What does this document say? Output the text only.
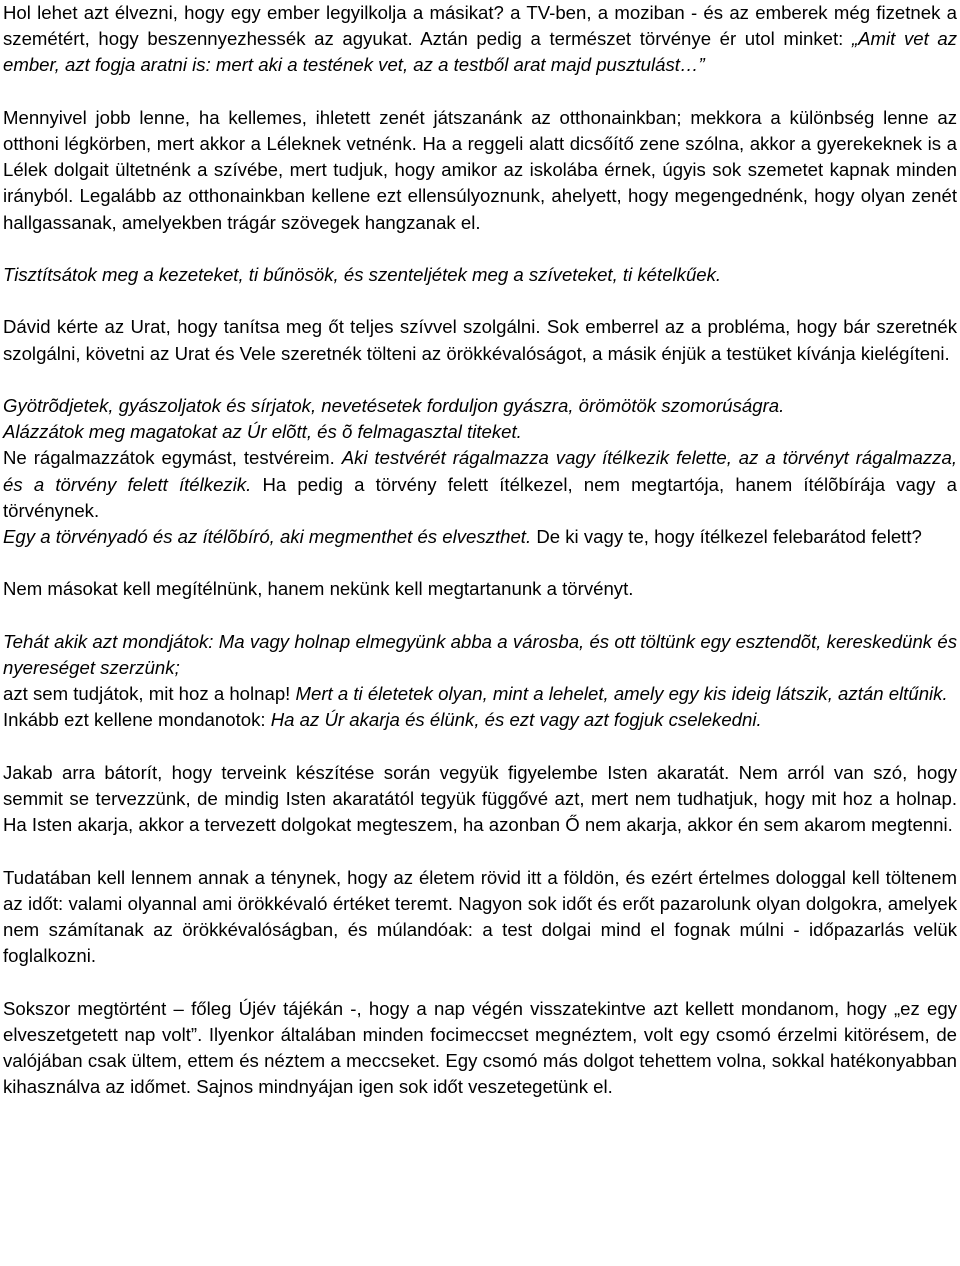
Hol lehet azt élvezni, hogy egy ember legyilkolja a másikat? a TV-ben, a moziban - és az emberek még fizetnek a szemétért, hogy beszennyezhessék az agyukat. Aztán pedig a természet törvénye ér utol minket: „Amit vet az ember, azt fogja aratni is: mert aki a testének vet, az a testből arat majd pusztulást…”

Mennyivel jobb lenne, ha kellemes, ihletett zenét játszanánk az otthonainkban; mekkora a különbség lenne az otthoni légkörben, mert akkor a Léleknek vetnénk. Ha a reggeli alatt dicsőítő zene szólna, akkor a gyerekeknek is a Lélek dolgait ültetnénk a szívébe, mert tudjuk, hogy amikor az iskolába érnek, úgyis sok szemetet kapnak minden irányból. Legalább az otthonainkban kellene ezt ellensúlyoznunk, ahelyett, hogy megengednénk, hogy olyan zenét hallgassanak, amelyekben trágár szövegek hangzanak el.

Tisztítsátok meg a kezeteket, ti bűnösök, és szenteljétek meg a szíveteket, ti kételkűek.

Dávid kérte az Urat, hogy tanítsa meg őt teljes szívvel szolgálni. Sok emberrel az a probléma, hogy bár szeretnék szolgálni, követni az Urat és Vele szeretnék tölteni az örökkévalóságot, a másik énjük a testüket kívánja kielégíteni.

Gyötrõdjetek, gyászoljatok és sírjatok, nevetésetek forduljon gyászra, örömötök szomorúságra.

Alázzátok meg magatokat az Úr elõtt, és õ felmagasztal titeket.

Ne rágalmazzátok egymást, testvéreim. Aki testvérét rágalmazza vagy ítélkezik felette, az a törvényt rágalmazza, és a törvény felett ítélkezik. Ha pedig a törvény felett ítélkezel, nem megtartója, hanem ítélõbírája vagy a törvénynek.

Egy a törvényadó és az ítélõbíró, aki megmenthet és elveszthet. De ki vagy te, hogy ítélkezel felebarátod felett?

Nem másokat kell megítélnünk, hanem nekünk kell megtartanunk a törvényt.

Tehát akik azt mondjátok: Ma vagy holnap elmegyünk abba a városba, és ott töltünk egy esztendõt, kereskedünk és nyereséget szerzünk;

azt sem tudjátok, mit hoz a holnap! Mert a ti életetek olyan, mint a lehelet, amely egy kis ideig látszik, aztán eltűnik.

Inkább ezt kellene mondanotok: Ha az Úr akarja és élünk, és ezt vagy azt fogjuk cselekedni.

Jakab arra bátorít, hogy terveink készítése során vegyük figyelembe Isten akaratát. Nem arról van szó, hogy semmit se tervezzünk, de mindig Isten akaratától tegyük függővé azt, mert nem tudhatjuk, hogy mit hoz a holnap. Ha Isten akarja, akkor a tervezett dolgokat megteszem, ha azonban Ő nem akarja, akkor én sem akarom megtenni.

Tudatában kell lennem annak a ténynek, hogy az életem rövid itt a földön, és ezért értelmes dologgal kell töltenem az időt: valami olyannal ami örökkévaló értéket teremt. Nagyon sok időt és erőt pazarolunk olyan dolgokra, amelyek nem számítanak az örökkévalóságban, és múlandóak: a test dolgai mind el fognak múlni - időpazarlás velük foglalkozni.

Sokszor megtörtént – főleg Újév tájékán -, hogy a nap végén visszatekintve azt kellett mondanom, hogy „ez egy elveszetgetett nap volt”. Ilyenkor általában minden focimeccset megnéztem, volt egy csomó érzelmi kitörésem, de valójában csak ültem, ettem és néztem a meccseket. Egy csomó más dolgot tehettem volna, sokkal hatékonyabban kihasználva az időmet. Sajnos mindnyájan igen sok időt veszetegetünk el.
